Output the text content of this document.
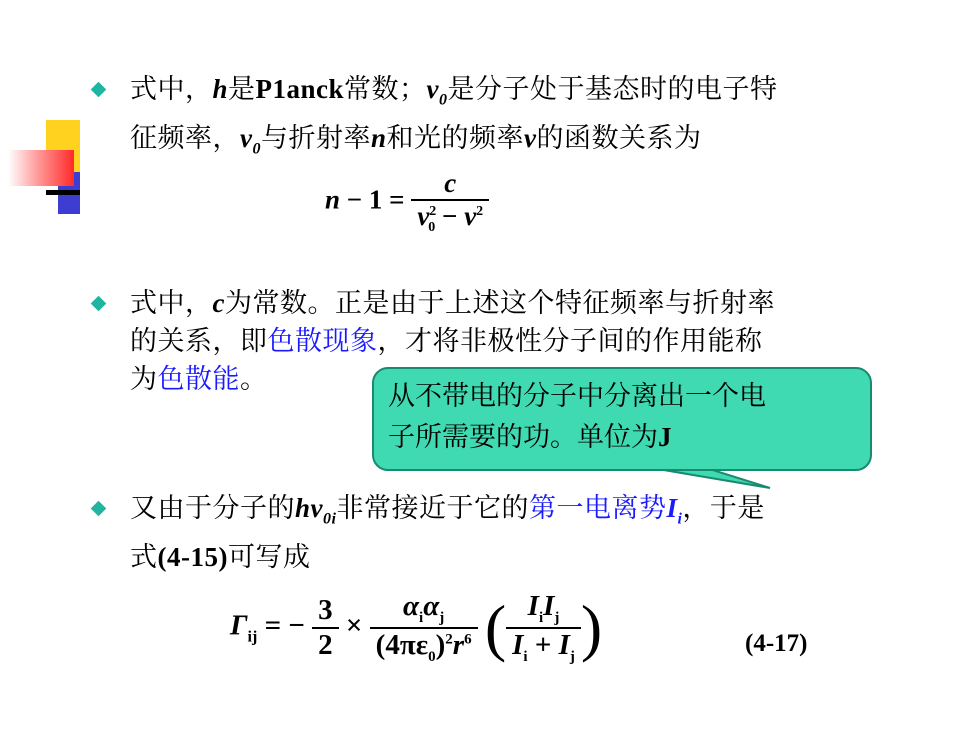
式中，h是P1anck常数；$v_0$是分子处于基态时的电子特
征频率，$v_0$与折射率n和光的频率v的函数关系为
$n - 1 = \frac{c}{v^2_0 - v^2}$
式中，c为常数。正是由于上述这个特征频率与折射率
的关系，即色散现象，才将非极性分子间的作用能称
为色散能。
从不带电的分子中分离出一个电
子所需要的功。单位为J
又由于分子的$hv_{0i}$非常接近于它的第一电离势$I_i$，于是
式(4-15)可写成
$\Gamma_{ij}$ = − $\frac{3}{2} \times \frac{\alpha_i\alpha_j}{(4\pi\varepsilon_0)^2r^6}$ ( $\frac{I_iI_j}{I_i + I_j}$ )	(4-17)
